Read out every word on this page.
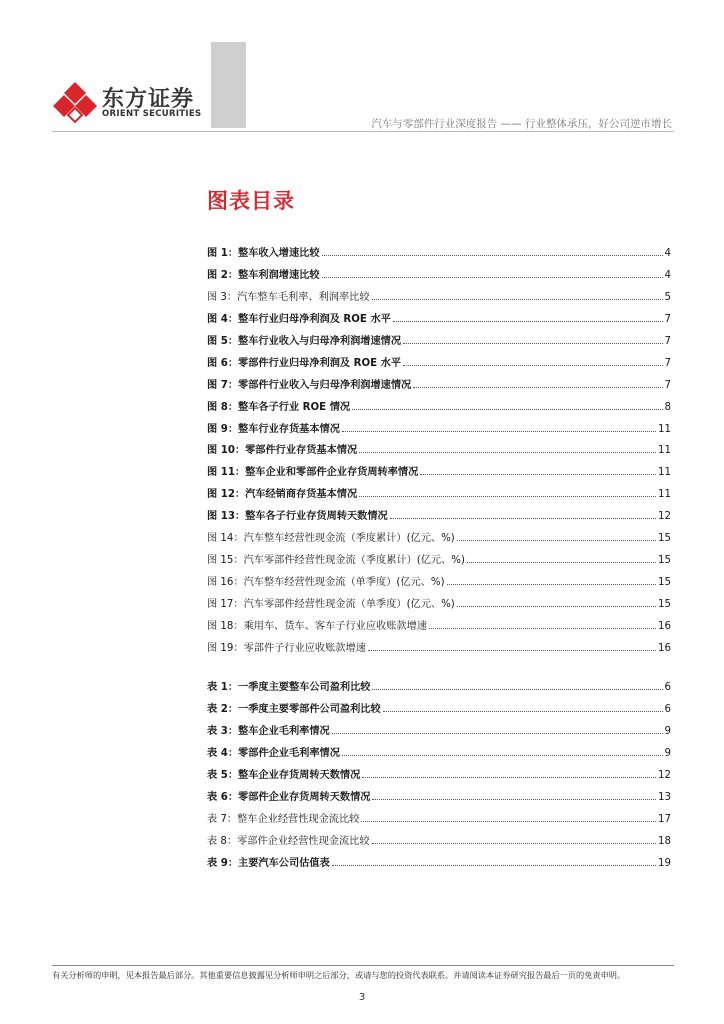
东方证券
ORIENT SECURITIES
汽车与零部件行业深度报告 —— 行业整体承压，好公司逆市增长
图表目录
图 1：整车收入增速比较	4
图 2：整车利润增速比较	4
图 3：汽车整车毛利率、利润率比较	5
图 4：整车行业归母净利润及 ROE 水平	7
图 5：整车行业收入与归母净利润增速情况	7
图 6：零部件行业归母净利润及 ROE 水平	7
图 7：零部件行业收入与归母净利润增速情况	7
图 8：整车各子行业 ROE 情况	8
图 9：整车行业存货基本情况	11
图 10：零部件行业存货基本情况	11
图 11：整车企业和零部件企业存货周转率情况	11
图 12：汽车经销商存货基本情况	11
图 13：整车各子行业存货周转天数情况	12
图 14：汽车整车经营性现金流（季度累计）(亿元、%)	15
图 15：汽车零部件经营性现金流（季度累计）(亿元、%)	15
图 16：汽车整车经营性现金流（单季度）(亿元、%)	15
图 17：汽车零部件经营性现金流（单季度）(亿元、%)	15
图 18：乘用车、货车、客车子行业应收账款增速	16
图 19：零部件子行业应收账款增速	16
表 1：一季度主要整车公司盈利比较	6
表 2：一季度主要零部件公司盈利比较	6
表 3：整车企业毛利率情况	9
表 4：零部件企业毛利率情况	9
表 5：整车企业存货周转天数情况	12
表 6：零部件企业存货周转天数情况	13
表 7：整车企业经营性现金流比较	17
表 8：零部件企业经营性现金流比较	18
表 9：主要汽车公司估值表	19
有关分析师的申明，见本报告最后部分。其他重要信息披露见分析师申明之后部分，或请与您的投资代表联系。并请阅读本证券研究报告最后一页的免责申明。
3
